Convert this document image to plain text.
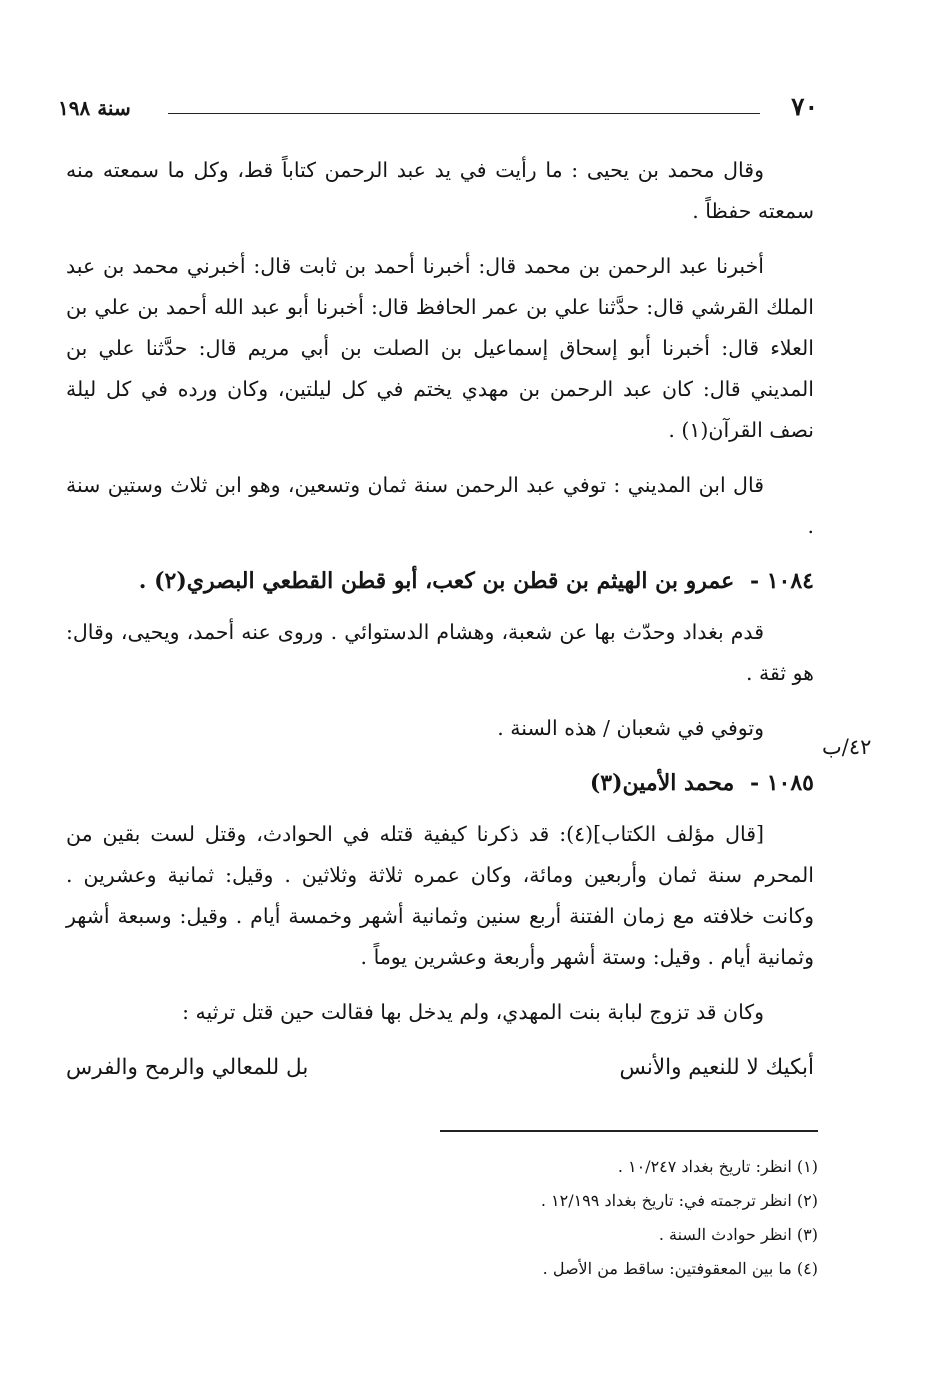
٧٠
سنة ١٩٨

وقال محمد بن يحيى : ما رأيت في يد عبد الرحمن كتاباً قط، وكل ما سمعته منه سمعته حفظاً .

أخبرنا عبد الرحمن بن محمد قال: أخبرنا أحمد بن ثابت قال: أخبرني محمد بن عبد الملك القرشي قال: حدَّثنا علي بن عمر الحافظ قال: أخبرنا أبو عبد الله أحمد بن علي بن العلاء قال: أخبرنا أبو إسحاق إسماعيل بن الصلت بن أبي مريم قال: حدَّثنا علي بن المديني قال: كان عبد الرحمن بن مهدي يختم في كل ليلتين، وكان ورده في كل ليلة نصف القرآن(١) .

قال ابن المديني : توفي عبد الرحمن سنة ثمان وتسعين، وهو ابن ثلاث وستين سنة .

١٠٨٤ - عمرو بن الهيثم بن قطن بن كعب، أبو قطن القطعي البصري(٢) .

قدم بغداد وحدّث بها عن شعبة، وهشام الدستوائي . وروى عنه أحمد، ويحيى، وقال: هو ثقة .

وتوفي في شعبان / هذه السنة .

١٠٨٥ - محمد الأمين(٣)

[قال مؤلف الكتاب](٤): قد ذكرنا كيفية قتله في الحوادث، وقتل لست بقين من المحرم سنة ثمان وأربعين ومائة، وكان عمره ثلاثة وثلاثين . وقيل: ثمانية وعشرين . وكانت خلافته مع زمان الفتنة أربع سنين وثمانية أشهر وخمسة أيام . وقيل: وسبعة أشهر وثمانية أيام . وقيل: وستة أشهر وأربعة وعشرين يوماً .

وكان قد تزوج لبابة بنت المهدي، ولم يدخل بها فقالت حين قتل ترثيه :

أبكيك لا للنعيم والأنس
بل للمعالي والرمح والفرس
٤٢/ب
(١) انظر: تاريخ بغداد ١٠/٢٤٧ .
(٢) انظر ترجمته في: تاريخ بغداد ١٢/١٩٩ .
(٣) انظر حوادث السنة .
(٤) ما بين المعقوفتين: ساقط من الأصل .
